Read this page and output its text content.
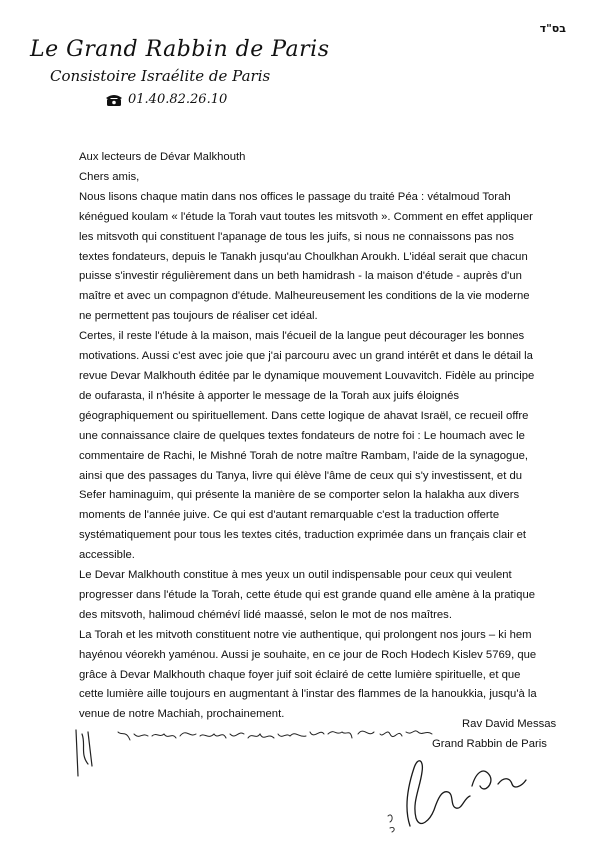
בס"ד
Le Grand Rabbin de Paris
Consistoire Israélite de Paris
01.40.82.26.10

Aux lecteurs de Dévar Malkhouth

Chers amis,

Nous lisons chaque matin dans nos offices le passage du traité Péa : vétalmoud Torah
kénégued koulam « l'étude la Torah vaut toutes les mitsvoth ». Comment en effet appliquer
les mitsvoth qui constituent l'apanage de tous les juifs, si nous ne connaissons pas nos
textes fondateurs, depuis le Tanakh jusqu'au Choulkhan Aroukh. L'idéal serait que chacun
puisse s'investir régulièrement dans un beth hamidrash - la maison d'étude - auprès d'un
maître et avec un compagnon d'étude. Malheureusement les conditions de la vie moderne
ne permettent pas toujours de réaliser cet idéal.

Certes, il reste l'étude à la maison, mais l'écueil de la langue peut décourager les bonnes
motivations. Aussi c'est avec joie que j'ai parcouru avec un grand intérêt et dans le détail la
revue Devar Malkhouth éditée par le dynamique mouvement Louvavitch. Fidèle au principe
de oufarasta, il n'hésite à apporter le message de la Torah aux juifs éloignés
géographiquement ou spirituellement. Dans cette logique de ahavat Israël, ce recueil offre
une connaissance claire de quelques textes fondateurs de notre foi : Le houmach avec le
commentaire de Rachi, le Mishné Torah de notre maître Rambam, l'aide de la synagogue,
ainsi que des passages du Tanya, livre qui élève l'âme de ceux qui s'y investissent, et du
Sefer haminaguim, qui présente la manière de se comporter selon la halakha aux divers
moments de l'année juive. Ce qui est d'autant remarquable c'est la traduction offerte
systématiquement pour tous les textes cités, traduction exprimée dans un français clair et
accessible.

Le Devar Malkhouth constitue à mes yeux un outil indispensable pour ceux qui veulent
progresser dans l'étude la Torah, cette étude qui est grande quand elle amène à la pratique
des mitsvoth, halimoud chéméví lidé maassé, selon le mot de nos maîtres.

La Torah et les mitvoth constituent notre vie authentique, qui prolongent nos jours – ki hem
hayénou véorekh yaménou. Aussi je souhaite, en ce jour de Roch Hodech Kislev 5769, que
grâce à Devar Malkhouth chaque foyer juif soit éclairé de cette lumière spirituelle, et que
cette lumière aille toujours en augmentant à l'instar des flammes de la hanoukkia, jusqu'à la
venue de notre Machiah, prochainement.

Rav David Messas
Grand Rabbin de Paris
